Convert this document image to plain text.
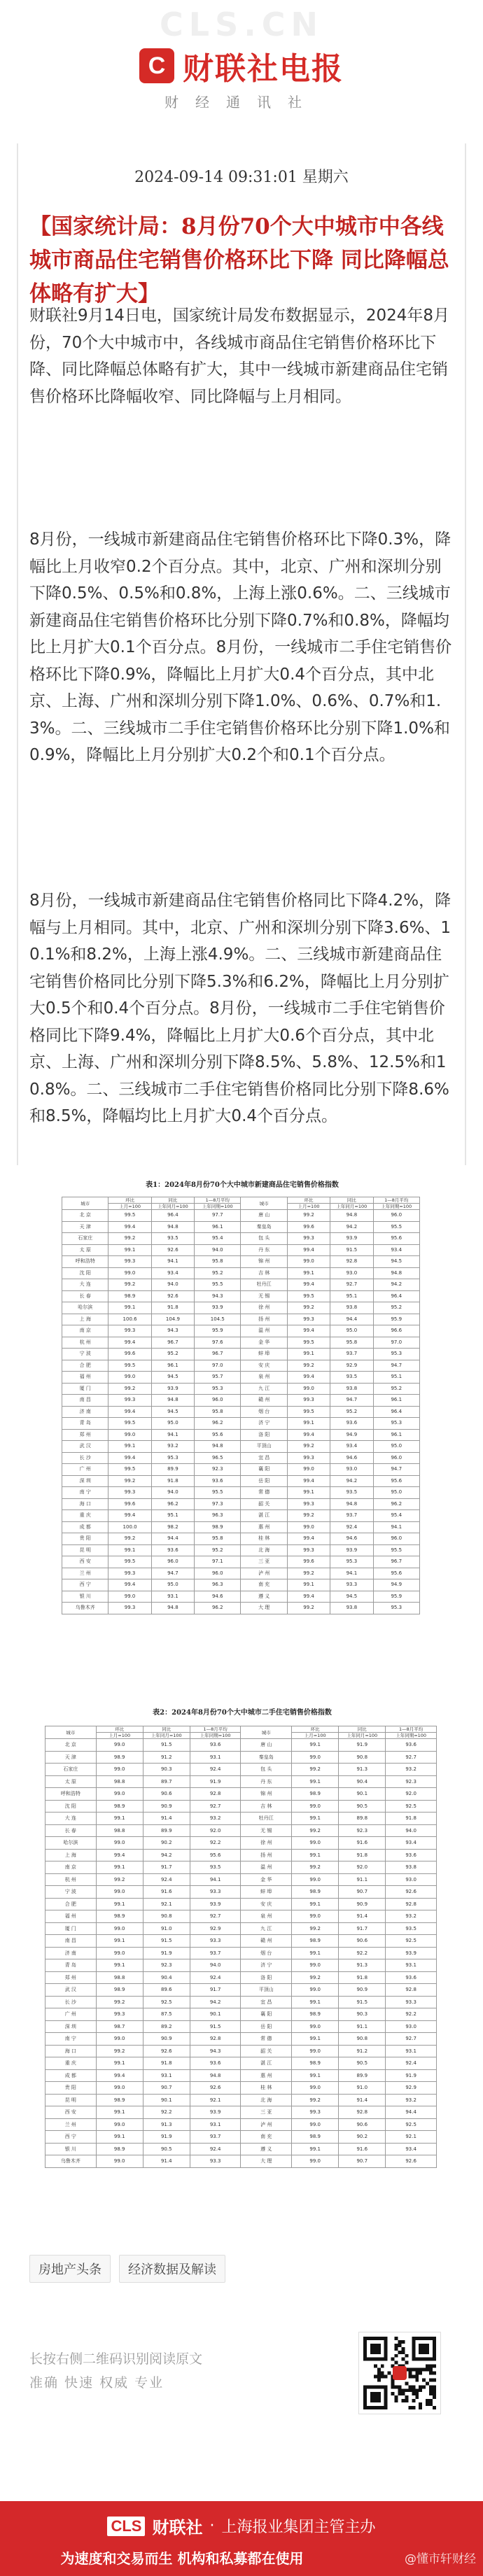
CLS.CN
C 财联社电报
财经通讯社
2024-09-14 09:31:01 星期六
【国家统计局：8月份70个大中城市中各线城市商品住宅销售价格环比下降 同比降幅总体略有扩大】
财联社9月14日电，国家统计局发布数据显示，2024年8月份，70个大中城市中，各线城市商品住宅销售价格环比下降、同比降幅总体略有扩大，其中一线城市新建商品住宅销售价格环比降幅收窄、同比降幅与上月相同。
8月份，一线城市新建商品住宅销售价格环比下降0.3%，降幅比上月收窄0.2个百分点。其中，北京、广州和深圳分别下降0.5%、0.5%和0.8%，上海上涨0.6%。二、三线城市新建商品住宅销售价格环比分别下降0.7%和0.8%，降幅均比上月扩大0.1个百分点。8月份，一线城市二手住宅销售价格环比下降0.9%，降幅比上月扩大0.4个百分点，其中北京、上海、广州和深圳分别下降1.0%、0.6%、0.7%和1.3%。二、三线城市二手住宅销售价格环比分别下降1.0%和0.9%，降幅比上月分别扩大0.2个和0.1个百分点。
8月份，一线城市新建商品住宅销售价格同比下降4.2%，降幅与上月相同。其中，北京、广州和深圳分别下降3.6%、10.1%和8.2%，上海上涨4.9%。二、三线城市新建商品住宅销售价格同比分别下降5.3%和6.2%，降幅比上月分别扩大0.5个和0.4个百分点。8月份，一线城市二手住宅销售价格同比下降9.4%，降幅比上月扩大0.6个百分点，其中北京、上海、广州和深圳分别下降8.5%、5.8%、12.5%和10.8%。二、三线城市二手住宅销售价格同比分别下降8.6%和8.5%，降幅均比上月扩大0.4个百分点。
表1：2024年8月份70个大中城市新建商品住宅销售价格指数
城市	环比	同比	1—8月平均	城市	环比	同比	1—8月平均
	上月=100	上年同月=100	上年同期=100		上月=100	上年同月=100	上年同期=100
北 京	99.5	96.4	97.7	唐 山	99.2	94.8	96.0
天 津	99.4	94.8	96.1	秦皇岛	99.6	94.2	95.5
石家庄	99.2	93.5	95.4	包 头	99.3	93.9	95.6
太 原	99.1	92.6	94.0	丹 东	99.4	91.5	93.4
呼和浩特	99.3	94.1	95.8	锦 州	99.0	92.8	94.5
沈 阳	99.0	93.4	95.2	吉 林	99.1	93.0	94.8
大 连	99.2	94.0	95.5	牡丹江	99.4	92.7	94.2
长 春	98.9	92.6	94.3	无 锡	99.5	95.1	96.4
哈尔滨	99.1	91.8	93.9	徐 州	99.2	93.8	95.2
上 海	100.6	104.9	104.5	扬 州	99.3	94.4	95.9
南 京	99.3	94.3	95.9	温 州	99.4	95.0	96.6
杭 州	99.4	96.7	97.6	金 华	99.5	95.8	97.0
宁 波	99.6	95.2	96.7	蚌 埠	99.1	93.7	95.3
合 肥	99.5	96.1	97.0	安 庆	99.2	92.9	94.7
福 州	99.0	94.5	95.7	泉 州	99.4	93.5	95.1
厦 门	99.2	93.9	95.3	九 江	99.0	93.8	95.2
南 昌	99.3	94.8	96.0	赣 州	99.3	94.7	96.1
济 南	99.4	94.5	95.8	烟 台	99.5	95.2	96.4
青 岛	99.5	95.0	96.2	济 宁	99.1	93.6	95.3
郑 州	99.0	94.1	95.6	洛 阳	99.4	94.9	96.1
武 汉	99.1	93.2	94.8	平顶山	99.2	93.4	95.0
长 沙	99.4	95.3	96.5	宜 昌	99.3	94.6	96.0
广 州	99.5	89.9	92.3	襄 阳	99.0	93.0	94.7
深 圳	99.2	91.8	93.6	岳 阳	99.4	94.2	95.6
南 宁	99.3	94.0	95.5	常 德	99.1	93.5	95.0
海 口	99.6	96.2	97.3	韶 关	99.3	94.8	96.2
重 庆	99.4	95.1	96.3	湛 江	99.2	93.7	95.4
成 都	100.0	98.2	98.9	惠 州	99.0	92.4	94.1
贵 阳	99.2	94.4	95.8	桂 林	99.4	94.6	96.0
昆 明	99.1	93.6	95.2	北 海	99.3	93.9	95.5
西 安	99.5	96.0	97.1	三 亚	99.6	95.3	96.7
兰 州	99.3	94.7	96.0	泸 州	99.2	94.1	95.6
西 宁	99.4	95.0	96.3	南 充	99.1	93.3	94.9
银 川	99.0	93.1	94.6	遵 义	99.4	94.5	95.9
乌鲁木齐	99.3	94.8	96.2	大 理	99.2	93.8	95.3
表2：2024年8月份70个大中城市二手住宅销售价格指数
城市	环比	同比	1—8月平均	城市	环比	同比	1—8月平均
	上月=100	上年同月=100	上年同期=100		上月=100	上年同月=100	上年同期=100
北 京	99.0	91.5	93.6	唐 山	99.1	91.9	93.6
天 津	98.9	91.2	93.1	秦皇岛	99.0	90.8	92.7
石家庄	99.0	90.3	92.4	包 头	99.2	91.3	93.2
太 原	98.8	89.7	91.9	丹 东	99.1	90.4	92.3
呼和浩特	99.0	90.6	92.8	锦 州	98.9	90.1	92.0
沈 阳	98.9	90.9	92.7	吉 林	99.0	90.5	92.5
大 连	99.1	91.4	93.2	牡丹江	99.1	89.8	91.8
长 春	98.8	89.9	92.0	无 锡	99.2	92.3	94.0
哈尔滨	99.0	90.2	92.2	徐 州	99.0	91.6	93.4
上 海	99.4	94.2	95.6	扬 州	99.1	91.8	93.6
南 京	99.1	91.7	93.5	温 州	99.2	92.0	93.8
杭 州	99.2	92.4	94.1	金 华	99.0	91.1	93.0
宁 波	99.0	91.6	93.3	蚌 埠	98.9	90.7	92.6
合 肥	99.1	92.1	93.9	安 庆	99.1	90.9	92.8
福 州	98.9	90.8	92.7	泉 州	99.0	91.4	93.2
厦 门	99.0	91.0	92.9	九 江	99.2	91.7	93.5
南 昌	99.1	91.5	93.3	赣 州	98.9	90.6	92.5
济 南	99.0	91.9	93.7	烟 台	99.1	92.2	93.9
青 岛	99.1	92.3	94.0	济 宁	99.0	91.3	93.1
郑 州	98.8	90.4	92.4	洛 阳	99.2	91.8	93.6
武 汉	98.9	89.6	91.7	平顶山	99.0	90.9	92.8
长 沙	99.2	92.5	94.2	宜 昌	99.1	91.5	93.3
广 州	99.3	87.5	90.1	襄 阳	98.9	90.3	92.2
深 圳	98.7	89.2	91.5	岳 阳	99.0	91.1	93.0
南 宁	99.0	90.9	92.8	常 德	99.1	90.8	92.7
海 口	99.2	92.6	94.3	韶 关	99.0	91.2	93.1
重 庆	99.1	91.8	93.6	湛 江	98.9	90.5	92.4
成 都	99.4	93.1	94.8	惠 州	99.1	89.9	91.9
贵 阳	99.0	90.7	92.6	桂 林	99.0	91.0	92.9
昆 明	98.9	90.1	92.1	北 海	99.2	91.4	93.2
西 安	99.1	92.2	93.9	三 亚	99.3	92.8	94.4
兰 州	99.0	91.3	93.1	泸 州	99.0	90.6	92.5
西 宁	99.1	91.9	93.7	南 充	98.9	90.2	92.1
银 川	98.9	90.5	92.4	遵 义	99.1	91.6	93.4
乌鲁木齐	99.0	91.4	93.3	大 理	99.0	90.7	92.6
房地产头条	经济数据及解读
长按右侧二维码识别阅读原文
准确 快速 权威 专业
CLS 财联社 · 上海报业集团主管主办
为速度和交易而生 机构和私募都在使用	@懂市轩财经
